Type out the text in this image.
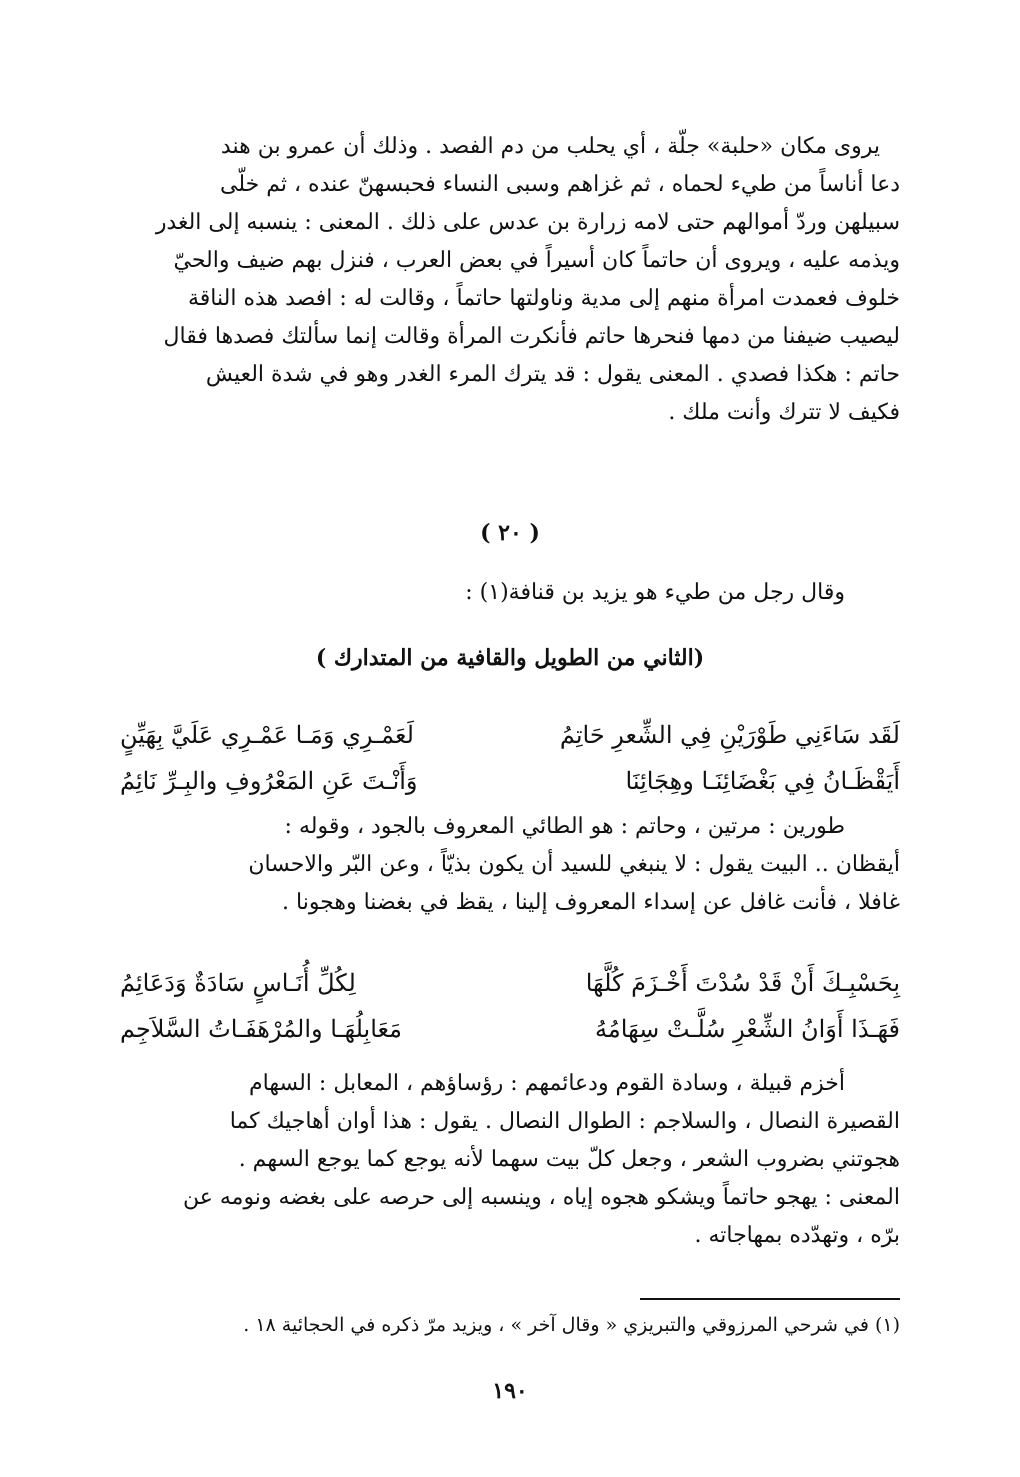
يروى مكان «حلبة» جلّة ، أي يحلب من دم الفصد . وذلك أن عمرو بن هند

دعا أناساً من طيء لحماه ، ثم غزاهم وسبى النساء فحبسهنّ عنده ، ثم خلّى

سبيلهن وردّ أموالهم حتى لامه زرارة بن عدس على ذلك . المعنى : ينسبه إلى الغدر

ويذمه عليه ، ويروى أن حاتماً كان أسيراً في بعض العرب ، فنزل بهم ضيف والحيّ

خلوف فعمدت امرأة منهم إلى مدية وناولتها حاتماً ، وقالت له : افصد هذه الناقة

ليصيب ضيفنا من دمها فنحرها حاتم فأنكرت المرأة وقالت إنما سألتك فصدها فقال

حاتم : هكذا فصدي . المعنى يقول : قد يترك المرء الغدر وهو في شدة العيش

فكيف لا تترك وأنت ملك .

( ٢٠ )
وقال رجل من طيء هو يزيد بن قنافة(١) :
(الثاني من الطويل والقافية من المتدارك )
لَقَد سَاءَنِي طَوْرَيْنِ فِي الشِّعرِ حَاتِمُ
لَعَمْـرِي وَمَـا عَمْـرِي عَلَيَّ بِهَيِّنٍ
أَيَقْظَـانُ فِي بَغْضَائِنَـا وهِجَائِنَا
وَأَنْـتَ عَنِ المَعْرُوفِ والبِـرِّ نَائِمُ

طورين : مرتين ، وحاتم : هو الطائي المعروف بالجود ، وقوله :

أيقظان .. البيت يقول : لا ينبغي للسيد أن يكون بذيّاً ، وعن البّر والاحسان

غافلا ، فأنت غافل عن إسداء المعروف إلينا ، يقظ في بغضنا وهجونا .

بِحَسْبِـكَ أَنْ قَدْ سُدْتَ أَخْـزَمَ كُلَّهَا
لِكُلِّ أُنَـاسٍ سَادَةٌ وَدَعَائِمُ
فَهَـذَا أَوَانُ الشِّعْرِ سُلَّـتْ سِهَامُهُ
مَعَابِلُهَـا والمُرْهَفَـاتُ السَّلاَجِم

أخزم قبيلة ، وسادة القوم ودعائمهم : رؤساؤهم ، المعابل : السهام

القصيرة النصال ، والسلاجم : الطوال النصال . يقول : هذا أوان أهاجيك كما

هجوتني بضروب الشعر ، وجعل كلّ بيت سهما لأنه يوجع كما يوجع السهم .

المعنى : يهجو حاتماً ويشكو هجوه إياه ، وينسبه إلى حرصه على بغضه ونومه عن

برّه ، وتهدّده بمهاجاته .

(١) في شرحي المرزوقي والتبريزي « وقال آخر » ، ويزيد مرّ ذكره في الحجائية ١٨ .
١٩٠
